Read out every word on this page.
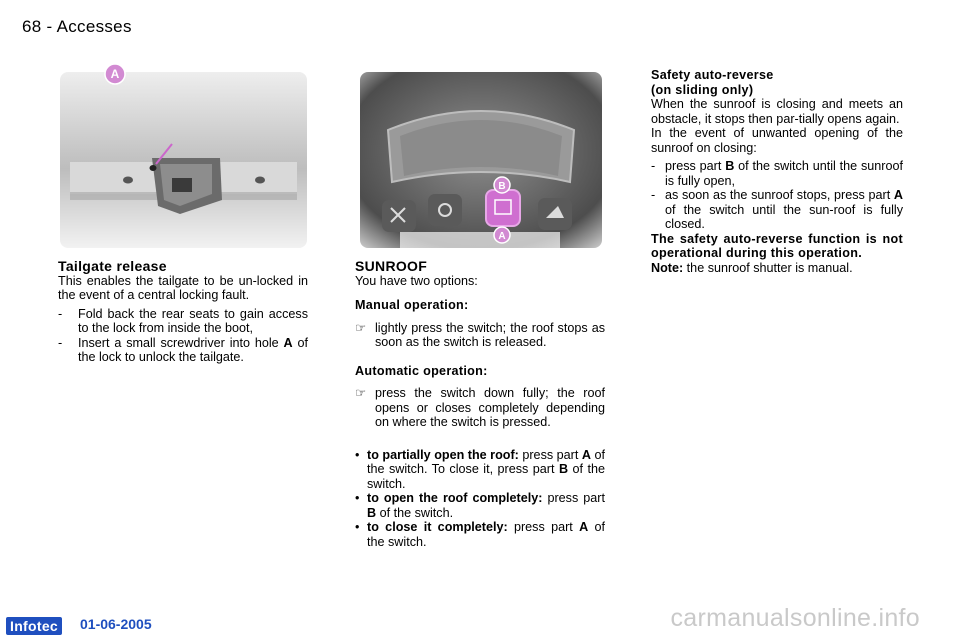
68 - Accesses
A
B
A
Tailgate release

This enables the tailgate to be un-locked in the event of a central locking fault.

- Fold back the rear seats to gain access to the lock from inside the boot,
- Insert a small screwdriver into hole A of the lock to unlock the tailgate.
SUNROOF

You have two options:

Manual operation:
☞ lightly press the switch; the roof stops as soon as the switch is released.
Automatic operation:
☞ press the switch down fully; the roof opens or closes completely depending on where the switch is pressed.
• to partially open the roof: press part A of the switch. To close it, press part B of the switch.
• to open the roof completely: press part B of the switch.
• to close it completely: press part A of the switch.
Safety auto-reverse
(on sliding only)

When the sunroof is closing and meets an obstacle, it stops then par-tially opens again.

In the event of unwanted opening of the sunroof on closing:

- press part B of the switch until the sunroof is fully open,
- as soon as the sunroof stops, press part A of the switch until the sun-roof is fully closed.

The safety auto-reverse function is not operational during this operation.

Note: the sunroof shutter is manual.

Infotec 01-06-2005	carmanualsonline.info
